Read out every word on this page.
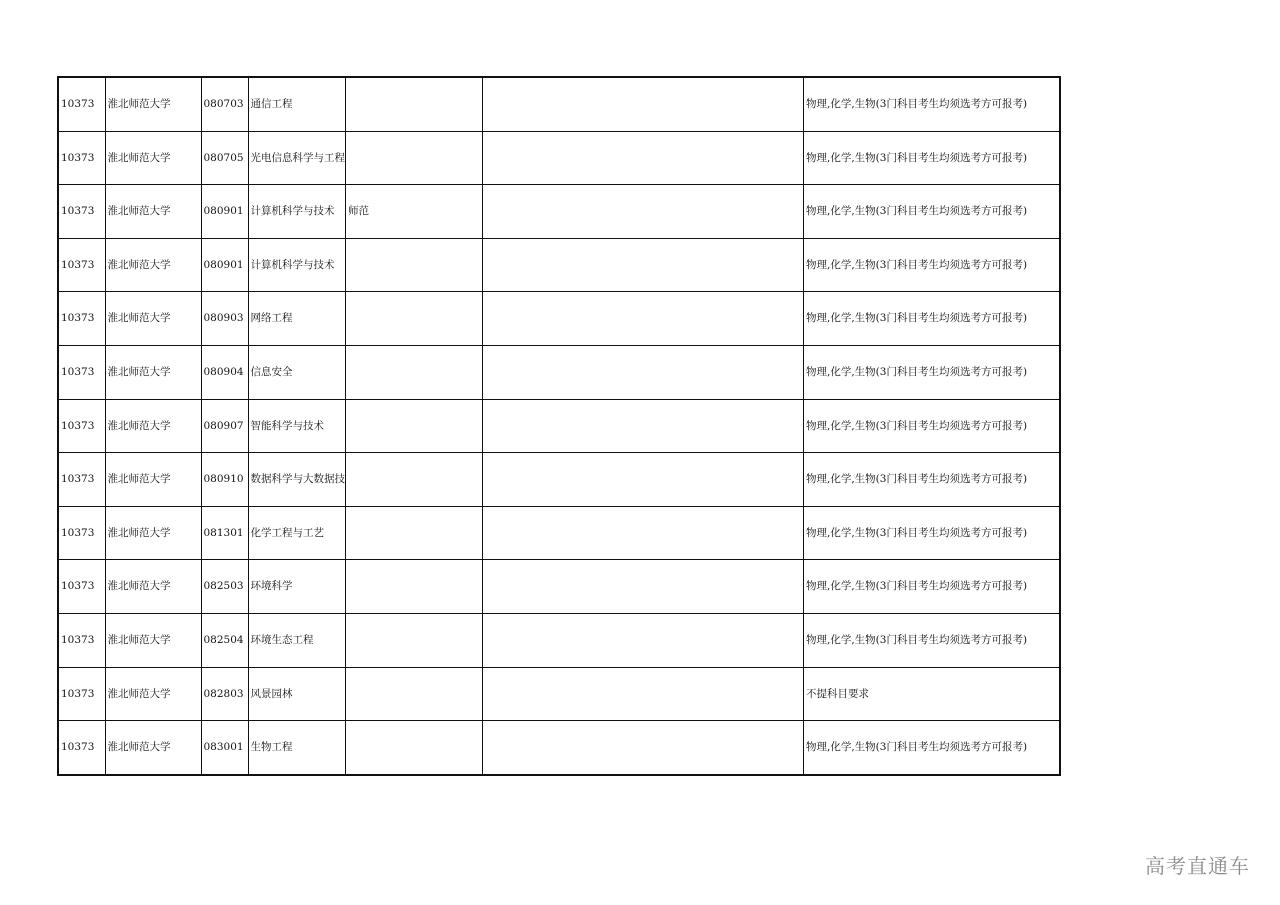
10373	淮北师范大学	080703	通信工程			物理,化学,生物(3门科目考生均须选考方可报考)
10373	淮北师范大学	080705	光电信息科学与工程			物理,化学,生物(3门科目考生均须选考方可报考)
10373	淮北师范大学	080901	计算机科学与技术	师范		物理,化学,生物(3门科目考生均须选考方可报考)
10373	淮北师范大学	080901	计算机科学与技术			物理,化学,生物(3门科目考生均须选考方可报考)
10373	淮北师范大学	080903	网络工程			物理,化学,生物(3门科目考生均须选考方可报考)
10373	淮北师范大学	080904	信息安全			物理,化学,生物(3门科目考生均须选考方可报考)
10373	淮北师范大学	080907	智能科学与技术			物理,化学,生物(3门科目考生均须选考方可报考)
10373	淮北师范大学	080910	数据科学与大数据技			物理,化学,生物(3门科目考生均须选考方可报考)
10373	淮北师范大学	081301	化学工程与工艺			物理,化学,生物(3门科目考生均须选考方可报考)
10373	淮北师范大学	082503	环境科学			物理,化学,生物(3门科目考生均须选考方可报考)
10373	淮北师范大学	082504	环境生态工程			物理,化学,生物(3门科目考生均须选考方可报考)
10373	淮北师范大学	082803	风景园林			不提科目要求
10373	淮北师范大学	083001	生物工程			物理,化学,生物(3门科目考生均须选考方可报考)
高考直通车
